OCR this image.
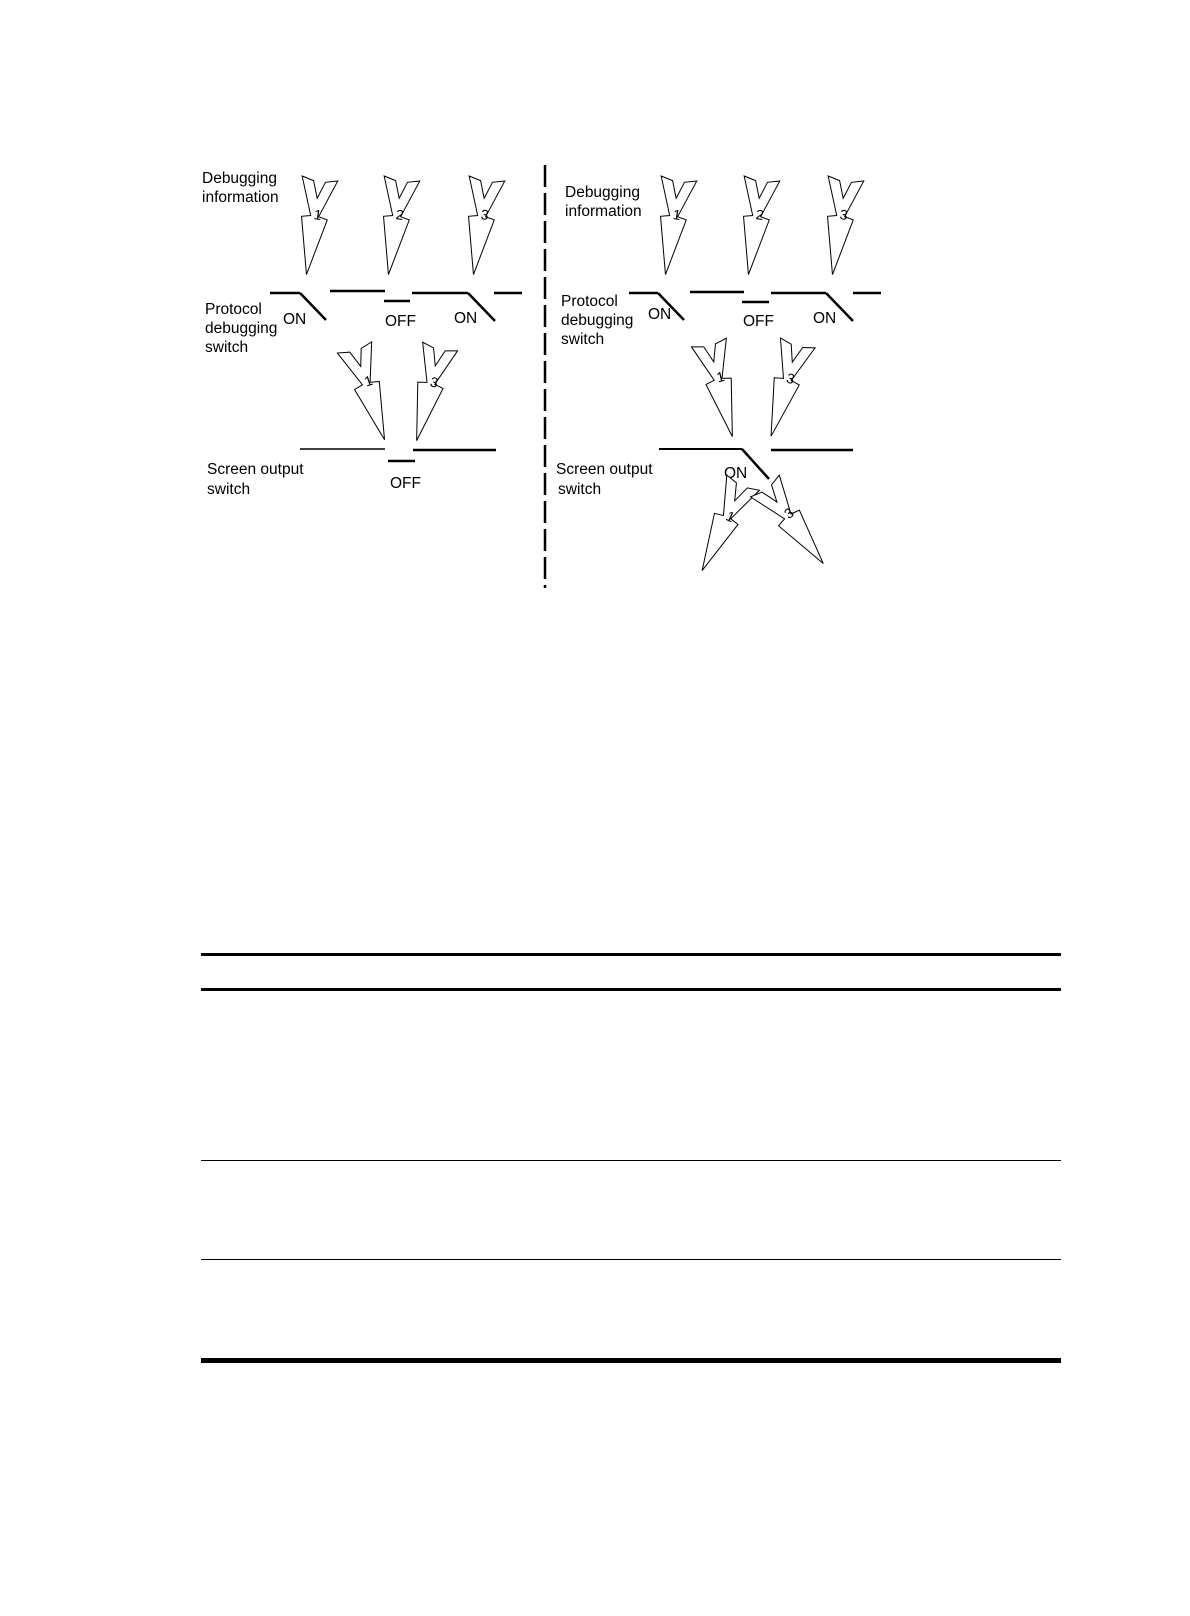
Debugging
information
1	2	3
Protocol
debugging
switch
ON	OFF ON
1	3
Screen output
switch	OFF
Debugging
information 1	2	3
Protocol
debugging
switch
ON	OFF	ON
1	3
Screen output
switch
ON
1	3
